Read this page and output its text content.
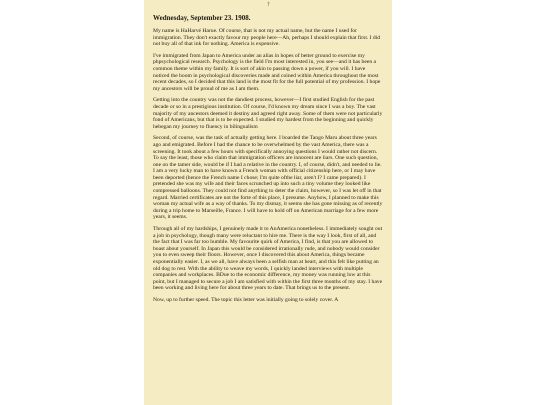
†
Wednesday, September 23. 1908.

My name is HaHarvé Harue. Of course, that is not my actual name, but the name I used for immigration. They don't exactly favour my people here—Ah, perhaps I should explain that first. I did not buy all of that ink for nothing. America is expensive.

I've immigrated from Japan to America under an alias in hopes of better ground to exercise my phpsychological research. Psychology is the field I'm most interested in, you see—and it has been a common theme within my family. It is sort of akin to passing down a power, if you will. I have noticed the boom in psychological discoveries made and coined within America throughout the most recent decades, so I decided that this land is the most fit for the full potential of my profession. I hope my ancestors will be proud of me as I am them.

Getting into the country was not the dandiest process, however—I first studied English for the past decade or so in a prestigious institution. Of course, I'd known my dream since I was a boy. The vast majority of my ancestors deemed it destiny and agreed right away. Some of them were not particularly fond of Americans, but that is to be expected. I studied my hardest from the beginning and quickly hebegan my journey to fluency in bilingualism

Second, of course, was the task of actually getting here. I boarded the Tango Maru about three years ago and emigrated. Before I had the chance to be overwhelmed by the vast America, there was a screening. It took about a few hours with specifically annoying questions I would rather not discern. To say the least, those who claim that immigration officers are innocent are liars. One such question, one on the tamer side, would be if I had a relative in the country. I, of course, didn't, and needed to lie. I am a very lucky man to have known a French woman with official citizenship here, or I may have been deported (hence the French name I chose; I'm quite ofthe liar, aren't I? I came prepared). I pretended she was my wife and their faces scrunched up into such a tiny volume they looked like compressed balloons. They could not find anything to deter the claim, however, so I was let off in that regard. Married certificates are not the forte of this place, I presume. Anyhow, I planned to make this woman my actual wife as a way of thanks. To my dismay, it seems she has gone missing as of recently during a trip home to Marseille, France. I will have to hold off on American marriage for a few more years, it seems.

Through all of my hardships, I genuinely made it to AnAmerica nonetheless. I immediately sought out a job in psychology, though many were reluctant to hire me. There is the way I look, first of all, and the fact that I was far too humble. My favourite quirk of America, I find, is that you are allowed to boast about yourself. In Japan this would be considered irrationally rude, and nobody would consider you to even sweep their floors. However, once I discovered this about America, things became exponentially easier. I, as we all, have always been a selfish man at heart, and this felt like putting an old dog to rest. With the ability to weave my words, I quickly landed interviews with multiple companies and workplaces. BDue to the economic difference, my money was running low at this point, but I managed to secure a job I am satisfied with within the first three months of my stay. I have been working and living here for about three years to date. That brings us to the present.

Now, up to further speed. The topic this letter was initially going to solely cover. A
